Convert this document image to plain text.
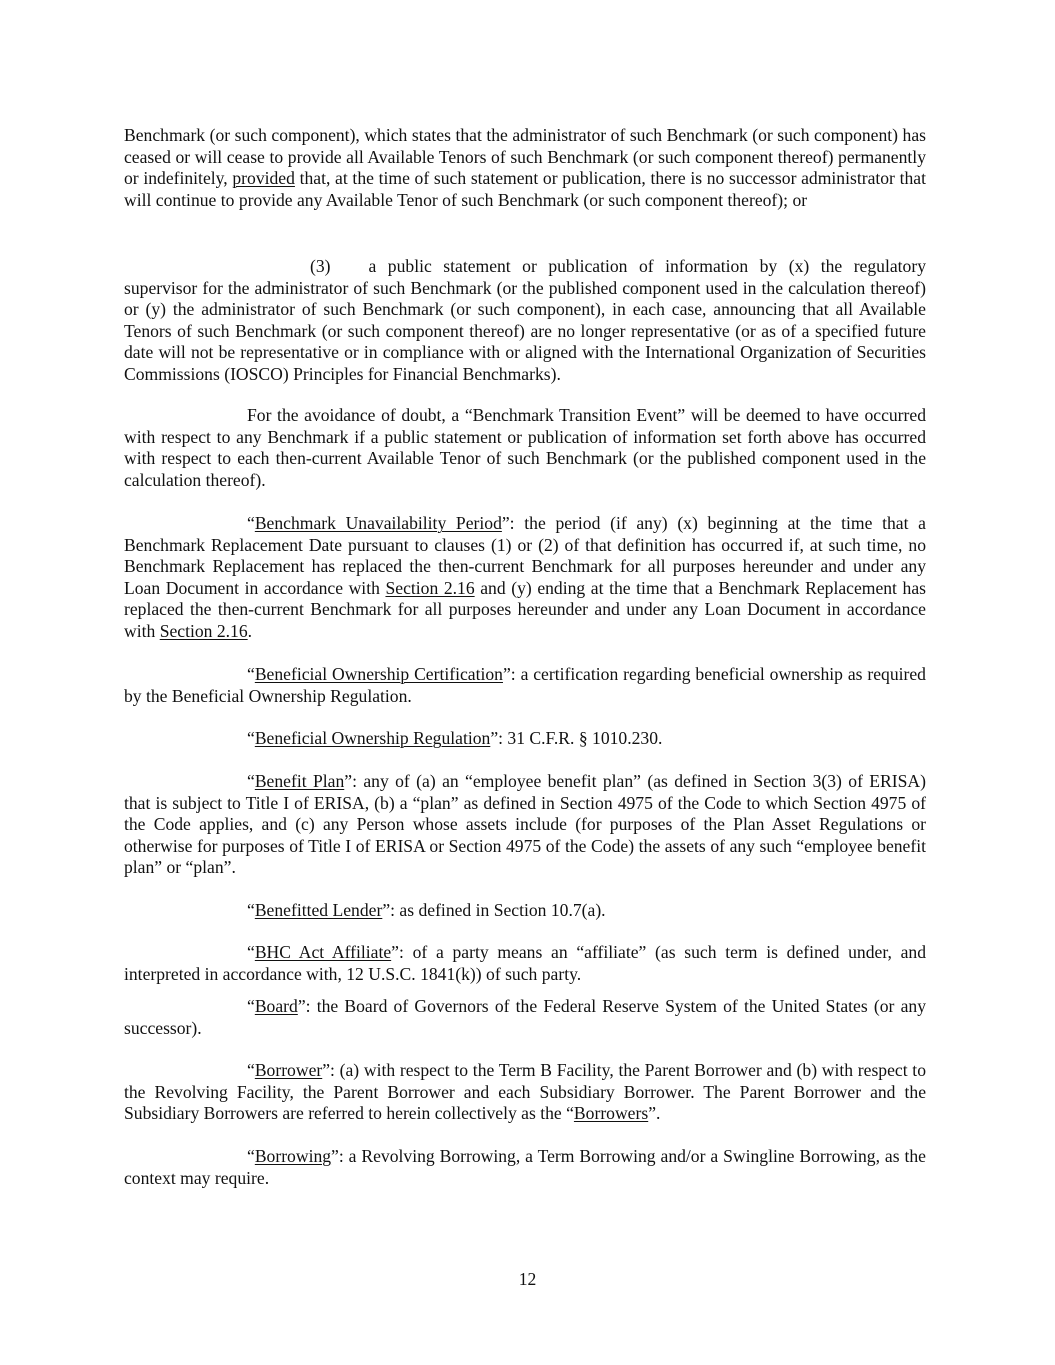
Benchmark (or such component), which states that the administrator of such Benchmark (or such component) has ceased or will cease to provide all Available Tenors of such Benchmark (or such component thereof) permanently or indefinitely, provided that, at the time of such statement or publication, there is no successor administrator that will continue to provide any Available Tenor of such Benchmark (or such component thereof); or

(3) a public statement or publication of information by (x) the regulatory supervisor for the administrator of such Benchmark (or the published component used in the calculation thereof) or (y) the administrator of such Benchmark (or such component), in each case, announcing that all Available Tenors of such Benchmark (or such component thereof) are no longer representative (or as of a specified future date will not be representative or in compliance with or aligned with the International Organization of Securities Commissions (IOSCO) Principles for Financial Benchmarks).

For the avoidance of doubt, a “Benchmark Transition Event” will be deemed to have occurred with respect to any Benchmark if a public statement or publication of information set forth above has occurred with respect to each then-current Available Tenor of such Benchmark (or the published component used in the calculation thereof).

“Benchmark Unavailability Period”: the period (if any) (x) beginning at the time that a Benchmark Replacement Date pursuant to clauses (1) or (2) of that definition has occurred if, at such time, no Benchmark Replacement has replaced the then-current Benchmark for all purposes hereunder and under any Loan Document in accordance with Section 2.16 and (y) ending at the time that a Benchmark Replacement has replaced the then-current Benchmark for all purposes hereunder and under any Loan Document in accordance with Section 2.16.

“Beneficial Ownership Certification”: a certification regarding beneficial ownership as required by the Beneficial Ownership Regulation.

“Beneficial Ownership Regulation”: 31 C.F.R. § 1010.230.

“Benefit Plan”: any of (a) an “employee benefit plan” (as defined in Section 3(3) of ERISA) that is subject to Title I of ERISA, (b) a “plan” as defined in Section 4975 of the Code to which Section 4975 of the Code applies, and (c) any Person whose assets include (for purposes of the Plan Asset Regulations or otherwise for purposes of Title I of ERISA or Section 4975 of the Code) the assets of any such “employee benefit plan” or “plan”.

“Benefitted Lender”: as defined in Section 10.7(a).

“BHC Act Affiliate”: of a party means an “affiliate” (as such term is defined under, and interpreted in accordance with, 12 U.S.C. 1841(k)) of such party.

“Board”: the Board of Governors of the Federal Reserve System of the United States (or any successor).

“Borrower”: (a) with respect to the Term B Facility, the Parent Borrower and (b) with respect to the Revolving Facility, the Parent Borrower and each Subsidiary Borrower. The Parent Borrower and the Subsidiary Borrowers are referred to herein collectively as the “Borrowers”.

“Borrowing”: a Revolving Borrowing, a Term Borrowing and/or a Swingline Borrowing, as the context may require.

12
